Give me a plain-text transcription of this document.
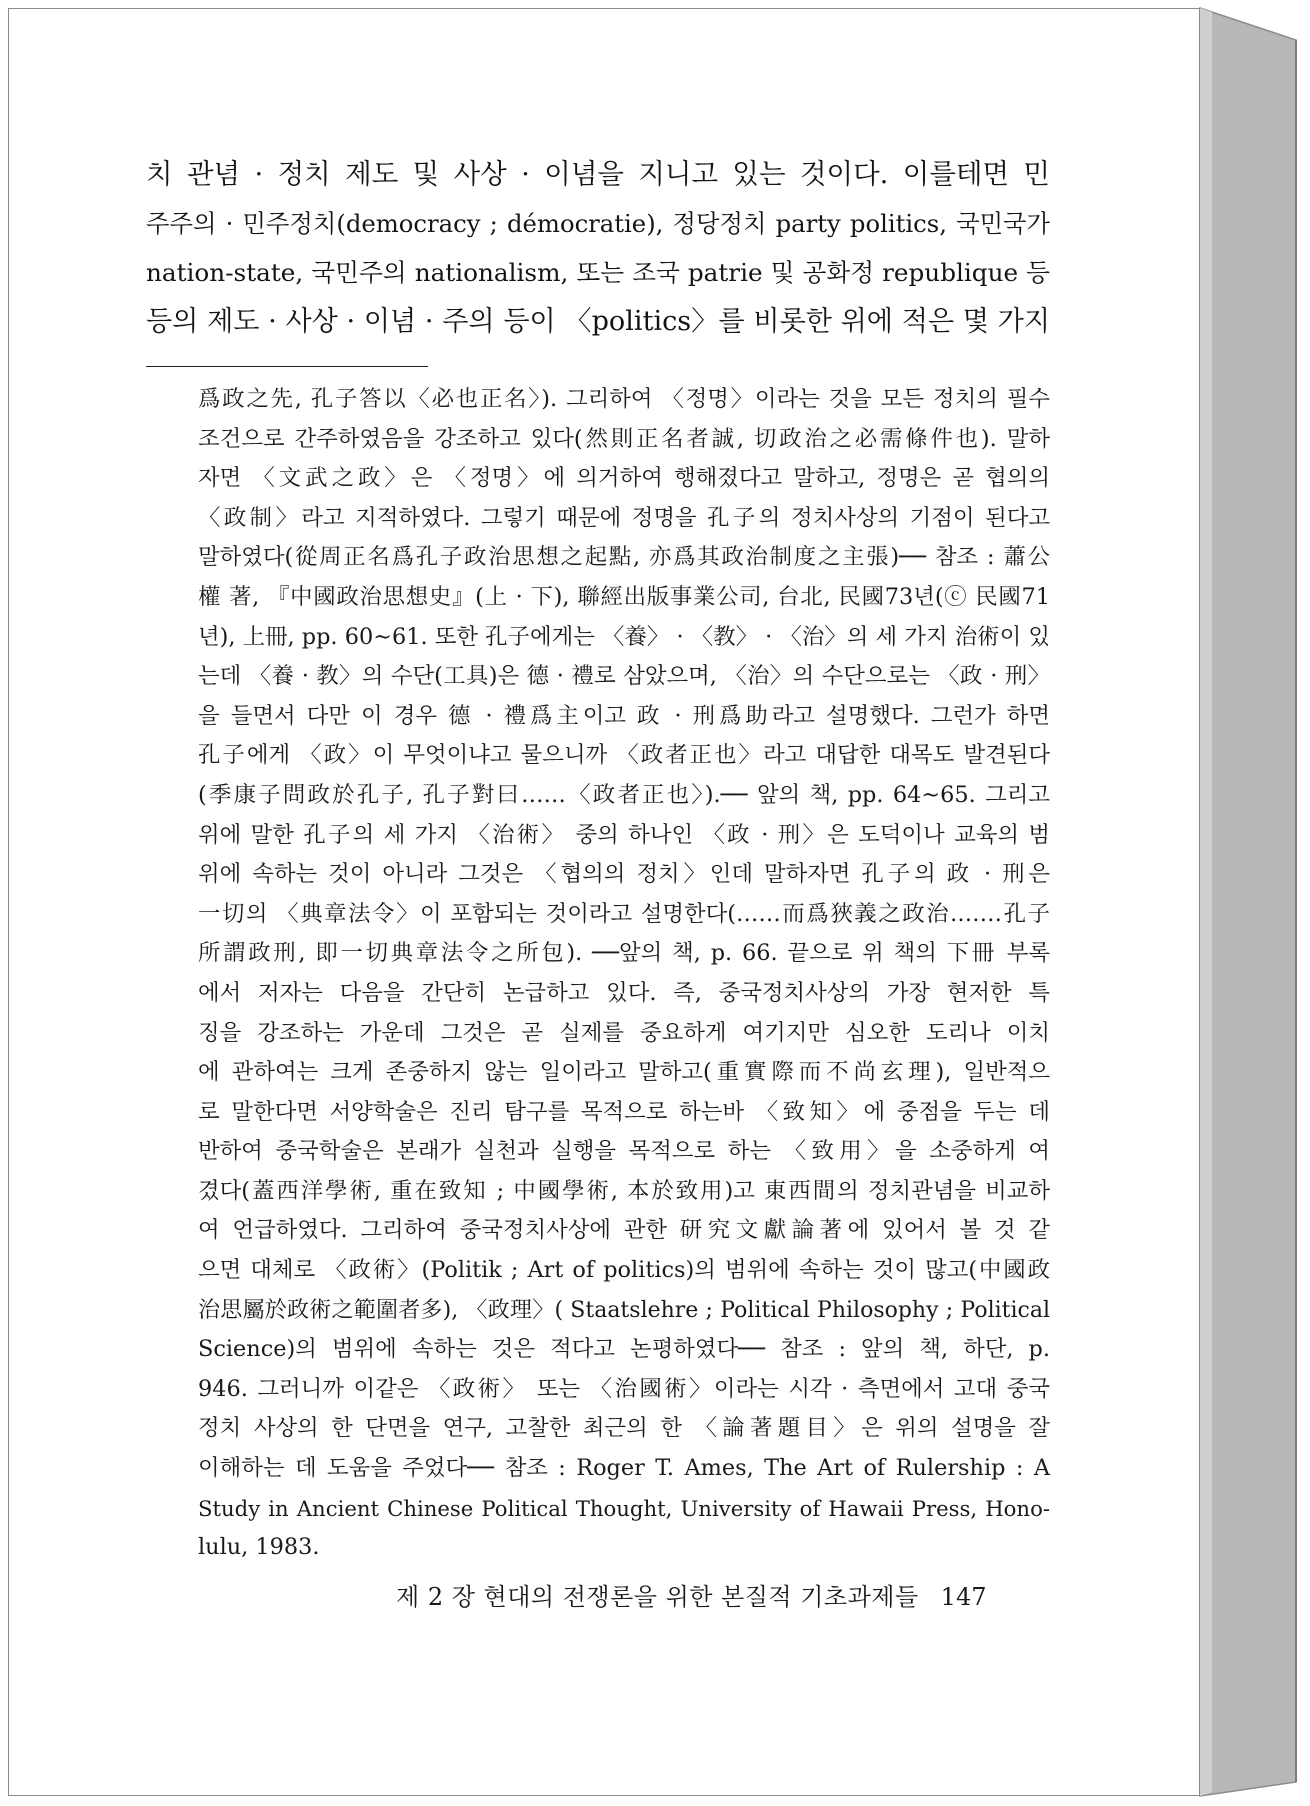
치 관념 · 정치 제도 및 사상 · 이념을 지니고 있는 것이다. 이를테면 민
주주의 · 민주정치(democracy ; démocratie), 정당정치 party politics, 국민국가
nation-state, 국민주의 nationalism, 또는 조국 patrie 및 공화정 republique 등
등의 제도 · 사상 · 이념 · 주의 등이 〈politics〉를 비롯한 위에 적은 몇 가지
爲政之先, 孔子答以〈必也正名〉). 그리하여 〈정명〉이라는 것을 모든 정치의 필수
조건으로 간주하였음을 강조하고 있다(然則正名者誠, 切政治之必需條件也). 말하
자면 〈文武之政〉은 〈정명〉에 의거하여 행해졌다고 말하고, 정명은 곧 협의의
〈政制〉라고 지적하였다. 그렇기 때문에 정명을 孔子의 정치사상의 기점이 된다고
말하였다(從周正名爲孔子政治思想之起點, 亦爲其政治制度之主張)── 참조 : 蕭公
權 著, 『中國政治思想史』(上 · 下), 聯經出版事業公司, 台北, 民國73년(ⓒ 民國71
년), 上冊, pp. 60∼61. 또한 孔子에게는 〈養〉 · 〈教〉 · 〈治〉의 세 가지 治術이 있
는데 〈養 · 教〉의 수단(工具)은 德 · 禮로 삼았으며, 〈治〉의 수단으로는 〈政 · 刑〉
을 들면서 다만 이 경우 德 · 禮爲主이고 政 · 刑爲助라고 설명했다. 그런가 하면
孔子에게 〈政〉이 무엇이냐고 물으니까 〈政者正也〉라고 대답한 대목도 발견된다
(季康子問政於孔子, 孔子對曰……〈政者正也〉).── 앞의 책, pp. 64∼65. 그리고
위에 말한 孔子의 세 가지 〈治術〉 중의 하나인 〈政 · 刑〉은 도덕이나 교육의 범
위에 속하는 것이 아니라 그것은 〈협의의 정치〉인데 말하자면 孔子의 政 · 刑은
一切의 〈典章法令〉이 포함되는 것이라고 설명한다(……而爲狹義之政治.……孔子
所謂政刑, 即一切典章法令之所包). ──앞의 책, p. 66. 끝으로 위 책의 下冊 부록
에서 저자는 다음을 간단히 논급하고 있다. 즉, 중국정치사상의 가장 현저한 특
징을 강조하는 가운데 그것은 곧 실제를 중요하게 여기지만 심오한 도리나 이치
에 관하여는 크게 존중하지 않는 일이라고 말하고(重實際而不尚玄理), 일반적으
로 말한다면 서양학술은 진리 탐구를 목적으로 하는바 〈致知〉에 중점을 두는 데
반하여 중국학술은 본래가 실천과 실행을 목적으로 하는 〈致用〉을 소중하게 여
겼다(蓋西洋學術, 重在致知 ; 中國學術, 本於致用)고 東西間의 정치관념을 비교하
여 언급하였다. 그리하여 중국정치사상에 관한 研究文獻論著에 있어서 볼 것 같
으면 대체로 〈政術〉(Politik ; Art of politics)의 범위에 속하는 것이 많고(中國政
治思屬於政術之範圍者多), 〈政理〉( Staatslehre ; Political Philosophy ; Political
Science)의 범위에 속하는 것은 적다고 논평하였다── 참조 : 앞의 책, 하단, p.
946. 그러니까 이같은 〈政術〉 또는 〈治國術〉이라는 시각 · 측면에서 고대 중국
정치 사상의 한 단면을 연구, 고찰한 최근의 한 〈論著題目〉은 위의 설명을 잘
이해하는 데 도움을 주었다── 참조 : Roger T. Ames, The Art of Rulership : A
Study in Ancient Chinese Political Thought, University of Hawaii Press, Hono-
lulu, 1983.
제 2 장 현대의 전쟁론을 위한 본질적 기초과제들 147
